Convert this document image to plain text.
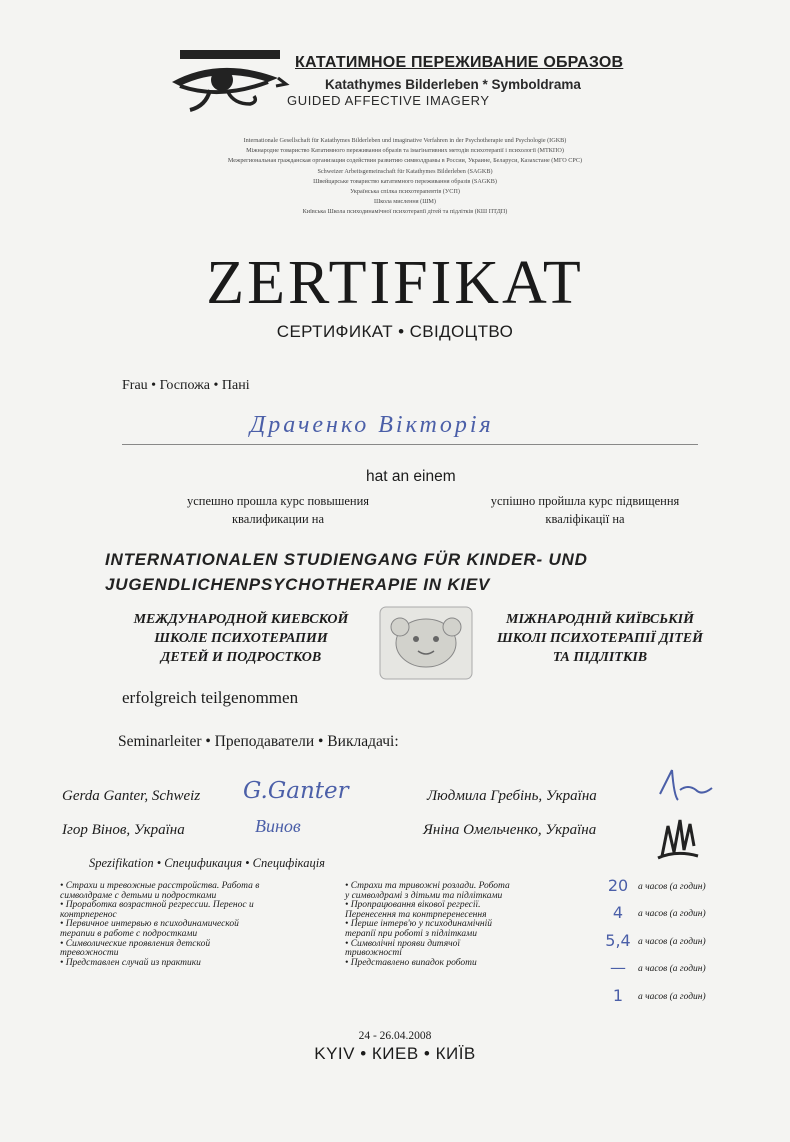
КАТАТИМНОЕ ПЕРЕЖИВАНИЕ ОБРАЗОВ
Katathymes Bilderleben * Symboldrama
GUIDED AFFECTIVE IMAGERY
Internationale Gesellschaft für Katathymes Bilderleben und imaginative Verfahren in der Psychotherapie und Psychologie (IGKB)
Міжнародне товариство Кататимного переживання образів та імагінативних методів психотерапії і психології (МТКПО)
Межрегиональная гражданская организация содействия развитию символдрамы в России, Украине, Беларуси, Казахстане (МГО СРС)
Schweizer Arbeitsgemeinschaft für Katathymes Bilderleben (SAGKB)
Швейцарське товариство кататимного переживання образів (SAGKB)
Українська спілка психотерапевтів (УСП)
Школа мислення (ШМ)
Київська Школа психодинамічної психотерапії дітей та підлітків (КШ ПТДП)
ZERTIFIKAT
СЕРТИФИКАТ • СВІДОЦТВО
Frau • Госпожа • Пані
Драченко Вікторія
hat an einem
успешно прошла курс повышения
квалификации на
успішно пройшла курс підвищення
кваліфікації на
INTERNATIONALEN STUDIENGANG FÜR KINDER- UND
JUGENDLICHENPSYCHOTHERAPIE IN KIEV
МЕЖДУНАРОДНОЙ КИЕВСКОЙ
ШКОЛЕ ПСИХОТЕРАПИИ
ДЕТЕЙ И ПОДРОСТКОВ
МІЖНАРОДНІЙ КИЇВСЬКІЙ
ШКОЛІ ПСИХОТЕРАПІЇ ДІТЕЙ
ТА ПІДЛІТКІВ
erfolgreich teilgenommen
Seminarleiter • Преподаватели • Викладачі:
Gerda Ganter, Schweiz G.Ganter	Людмила Гребінь, Україна
Ігор Вінов, Україна	Винов	Яніна Омельченко, Україна
Spezifikation • Спецификация • Специфікація
• Страхи и тревожные расстройства. Работа в
символдраме с детьми и подростками
• Проработка возрастной регрессии. Перенос и
контрперенос
• Первичное интервью в психодинамической
терапии в работе с подростками
• Символические проявления детской
тревожности
• Представлен случай из практики
• Страхи та тривожні розлади. Робота
у символдрамі з дітьми та підлітками
• Пропрацювання вікової регресії.
Перенесення та контрперенесення
• Перше інтерв'ю у психодинамічній
терапії при роботі з підлітками
• Символічні прояви дитячої
тривожності
• Представлено випадок роботи
20	а часов (а годин)
4	а часов (а годин)
5,4 а часов (а годин)
—	а часов (а годин)
1	а часов (а годин)
24 - 26.04.2008
KYIV • КИЕВ • КИЇВ
